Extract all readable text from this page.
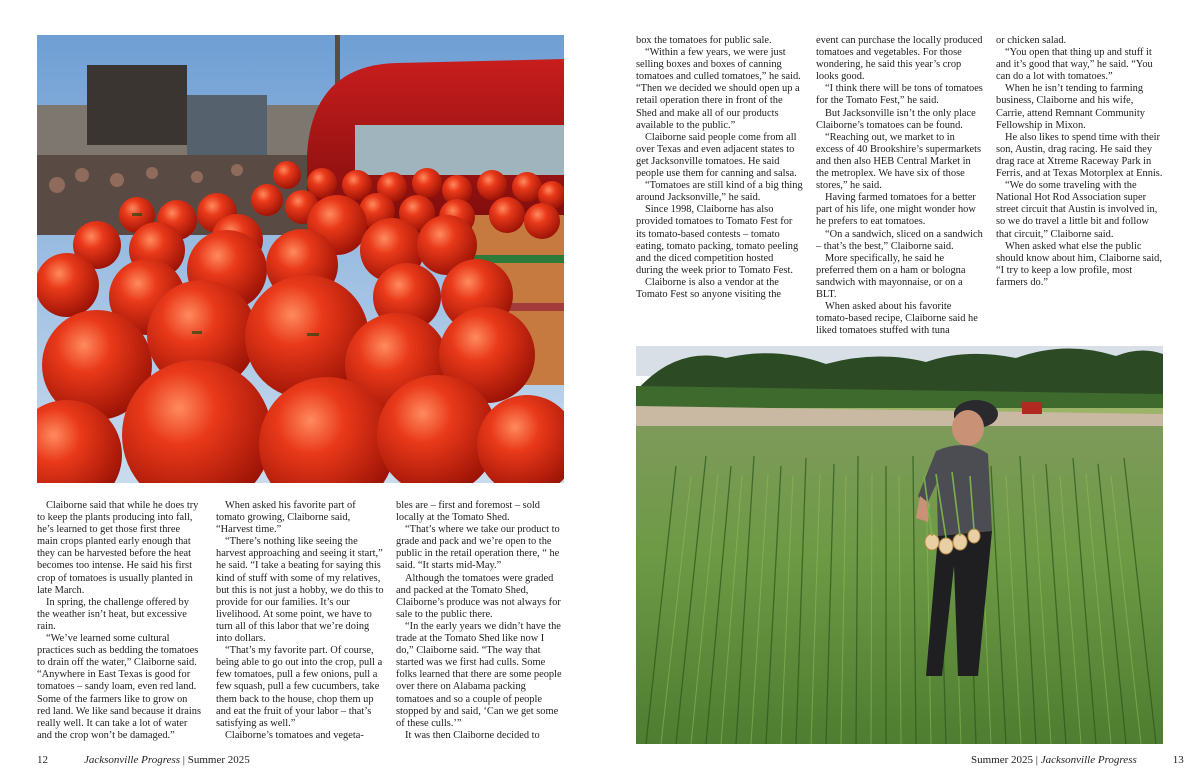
Claiborne said that while he does try to keep the plants producing into fall, he’s learned to get those first three main crops planted early enough that they can be harvested before the heat becomes too intense. He said his first crop of tomatoes is usually planted in late March.

In spring, the challenge offered by the weather isn’t heat, but excessive rain.

“We’ve learned some cultural practices such as bedding the tomatoes to drain off the water,” Claiborne said. “Anywhere in East Texas is good for tomatoes – sandy loam, even red land. Some of the farmers like to grow on red land. We like sand because it drains really well. It can take a lot of water and the crop won’t be damaged.”

When asked his favorite part of tomato growing, Claiborne said, “Harvest time.”

“There’s nothing like seeing the harvest approaching and seeing it start,” he said. “I take a beating for saying this kind of stuff with some of my relatives, but this is not just a hobby, we do this to provide for our families. It’s our livelihood. At some point, we have to turn all of this labor that we’re doing into dollars.

“That’s my favorite part. Of course, being able to go out into the crop, pull a few tomatoes, pull a few onions, pull a few squash, pull a few cucumbers, take them back to the house, chop them up and eat the fruit of your labor – that’s satisfying as well.”

Claiborne’s tomatoes and vegeta-

bles are – first and foremost – sold locally at the Tomato Shed.

“That’s where we take our product to grade and pack and we’re open to the public in the retail operation there, “ he said. “It starts mid-May.”

Although the tomatoes were graded and packed at the Tomato Shed, Claiborne’s produce was not always for sale to the public there.

“In the early years we didn’t have the trade at the Tomato Shed like now I do,” Claiborne said. “The way that started was we first had culls. Some folks learned that there are some people over there on Alabama packing tomatoes and so a couple of people stopped by and said, ‘Can we get some of these culls.’”

It was then Claiborne decided to

12	Jacksonville Progress | Summer 2025

box the tomatoes for public sale.

“Within a few years, we were just selling boxes and boxes of canning tomatoes and culled tomatoes,” he said. “Then we decided we should open up a retail operation there in front of the Shed and make all of our products available to the public.”

Claiborne said people come from all over Texas and even adjacent states to get Jacksonville tomatoes. He said people use them for canning and salsa.

“Tomatoes are still kind of a big thing around Jacksonville,” he said.

Since 1998, Claiborne has also provided tomatoes to Tomato Fest for its tomato-based contests – tomato eating, tomato packing, tomato peeling and the diced competition hosted during the week prior to Tomato Fest.

Claiborne is also a vendor at the Tomato Fest so anyone visiting the

event can purchase the locally produced tomatoes and vegetables. For those wondering, he said this year’s crop looks good.

“I think there will be tons of tomatoes for the Tomato Fest,” he said.

But Jacksonville isn’t the only place Claiborne’s tomatoes can be found.

“Reaching out, we market to in excess of 40 Brookshire’s supermarkets and then also HEB Central Market in the metroplex. We have six of those stores,” he said.

Having farmed tomatoes for a better part of his life, one might wonder how he prefers to eat tomatoes.

“On a sandwich, sliced on a sandwich – that’s the best,” Claiborne said.

More specifically, he said he preferred them on a ham or bologna sandwich with mayonnaise, or on a BLT.

When asked about his favorite tomato-based recipe, Claiborne said he liked tomatoes stuffed with tuna

or chicken salad.

“You open that thing up and stuff it and it’s good that way,” he said. “You can do a lot with tomatoes.”

When he isn’t tending to farming business, Claiborne and his wife, Carrie, attend Remnant Community Fellowship in Mixon.

He also likes to spend time with their son, Austin, drag racing. He said they drag race at Xtreme Raceway Park in Ferris, and at Texas Motorplex at Ennis.

“We do some traveling with the National Hot Rod Association super street circuit that Austin is involved in, so we do travel a little bit and follow that circuit,” Claiborne said.

When asked what else the public should know about him, Claiborne said, “I try to keep a low profile, most farmers do.”

Summer 2025 | Jacksonville Progress	13
